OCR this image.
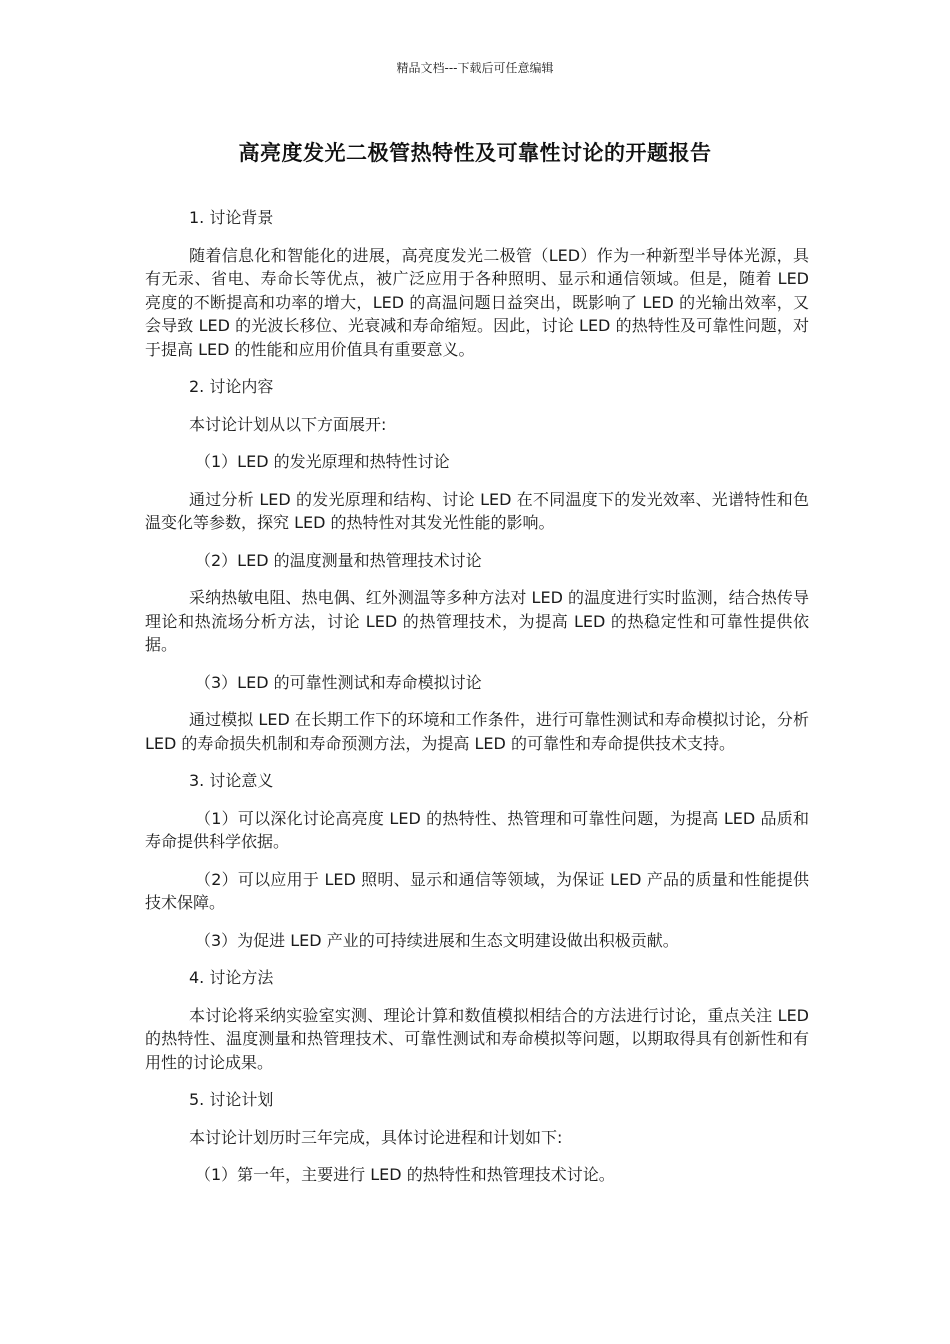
精品文档---下载后可任意编辑
高亮度发光二极管热特性及可靠性讨论的开题报告

1. 讨论背景

随着信息化和智能化的进展，高亮度发光二极管（LED）作为一种新型半导体光源，具有无汞、省电、寿命长等优点，被广泛应用于各种照明、显示和通信领域。但是，随着 LED 亮度的不断提高和功率的增大，LED 的高温问题日益突出，既影响了 LED 的光输出效率，又会导致 LED 的光波长移位、光衰减和寿命缩短。因此，讨论 LED 的热特性及可靠性问题，对于提高 LED 的性能和应用价值具有重要意义。

2. 讨论内容

本讨论计划从以下方面展开:

（1）LED 的发光原理和热特性讨论

通过分析 LED 的发光原理和结构、讨论 LED 在不同温度下的发光效率、光谱特性和色温变化等参数，探究 LED 的热特性对其发光性能的影响。

（2）LED 的温度测量和热管理技术讨论

采纳热敏电阻、热电偶、红外测温等多种方法对 LED 的温度进行实时监测，结合热传导理论和热流场分析方法，讨论 LED 的热管理技术，为提高 LED 的热稳定性和可靠性提供依据。

（3）LED 的可靠性测试和寿命模拟讨论

通过模拟 LED 在长期工作下的环境和工作条件，进行可靠性测试和寿命模拟讨论，分析 LED 的寿命损失机制和寿命预测方法，为提高 LED 的可靠性和寿命提供技术支持。

3. 讨论意义

（1）可以深化讨论高亮度 LED 的热特性、热管理和可靠性问题，为提高 LED 品质和寿命提供科学依据。

（2）可以应用于 LED 照明、显示和通信等领域，为保证 LED 产品的质量和性能提供技术保障。

（3）为促进 LED 产业的可持续进展和生态文明建设做出积极贡献。

4. 讨论方法

本讨论将采纳实验室实测、理论计算和数值模拟相结合的方法进行讨论，重点关注 LED 的热特性、温度测量和热管理技术、可靠性测试和寿命模拟等问题，以期取得具有创新性和有用性的讨论成果。

5. 讨论计划

本讨论计划历时三年完成，具体讨论进程和计划如下:

（1）第一年，主要进行 LED 的热特性和热管理技术讨论。
